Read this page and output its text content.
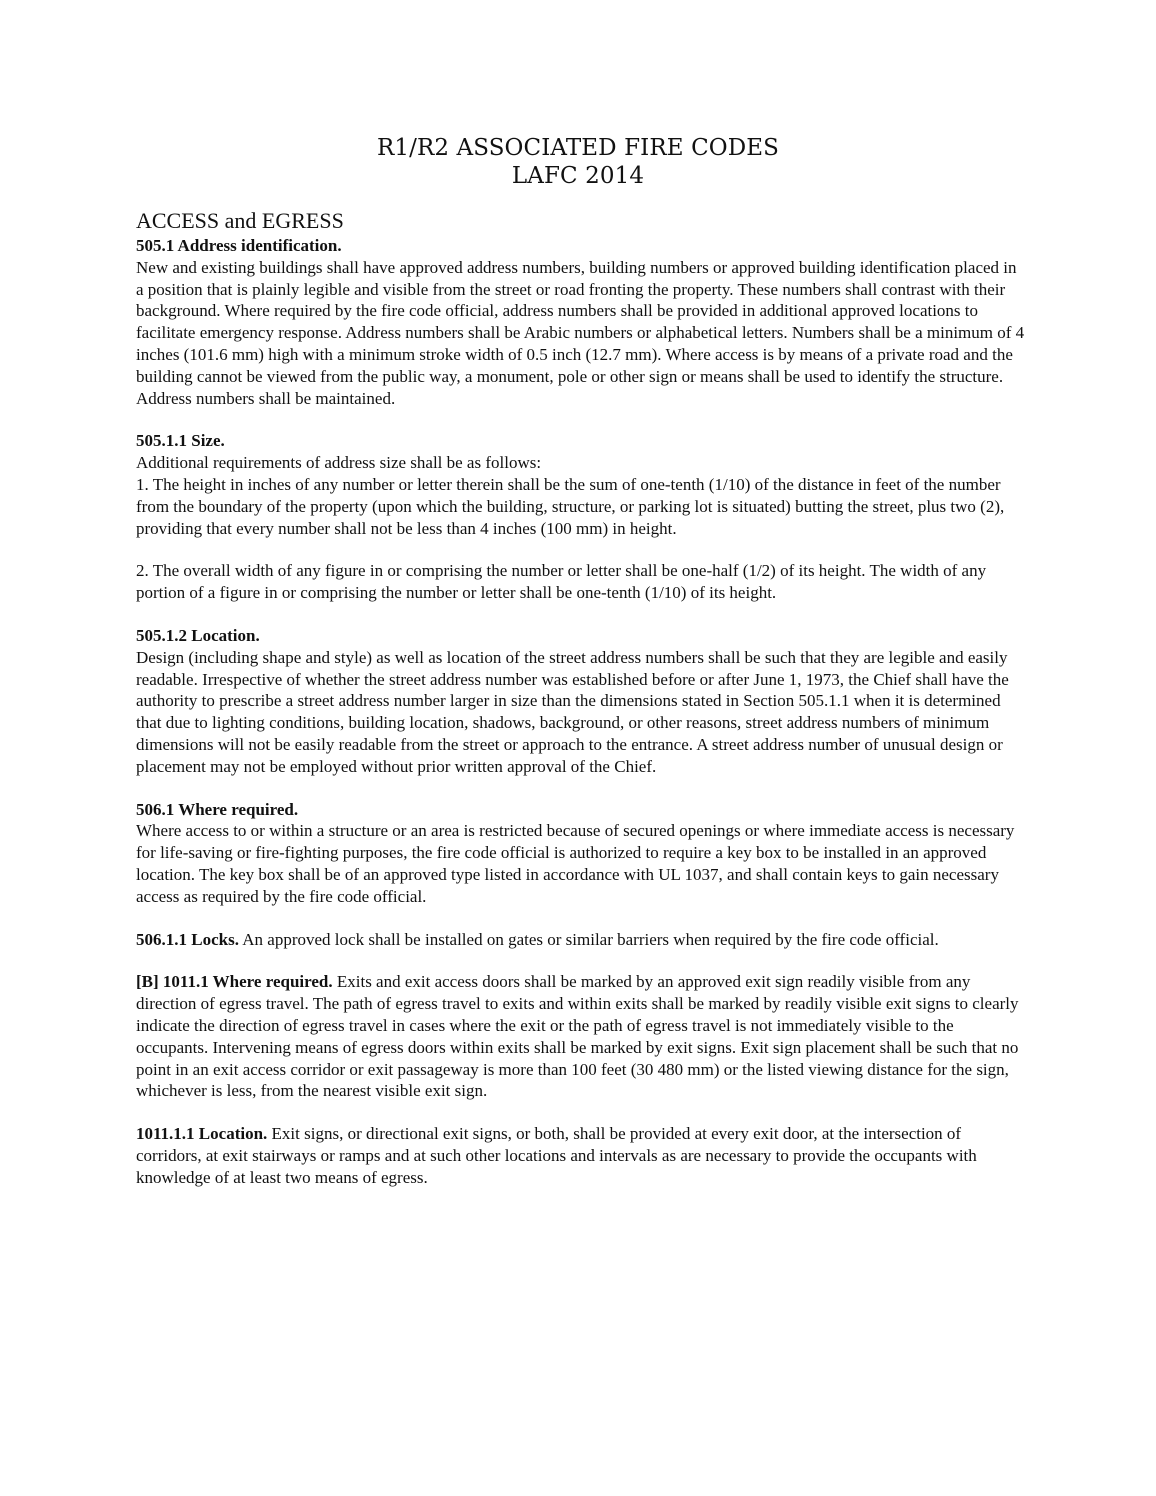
R1/R2 ASSOCIATED FIRE CODES
LAFC 2014
ACCESS and EGRESS
505.1 Address identification.
New and existing buildings shall have approved address numbers, building numbers or approved building identification placed in a position that is plainly legible and visible from the street or road fronting the property. These numbers shall contrast with their background. Where required by the fire code official, address numbers shall be provided in additional approved locations to facilitate emergency response. Address numbers shall be Arabic numbers or alphabetical letters. Numbers shall be a minimum of 4 inches (101.6 mm) high with a minimum stroke width of 0.5 inch (12.7 mm). Where access is by means of a private road and the building cannot be viewed from the public way, a monument, pole or other sign or means shall be used to identify the structure. Address numbers shall be maintained.
505.1.1 Size.
Additional requirements of address size shall be as follows:
1. The height in inches of any number or letter therein shall be the sum of one-tenth (1/10) of the distance in feet of the number from the boundary of the property (upon which the building, structure, or parking lot is situated) butting the street, plus two (2), providing that every number shall not be less than 4 inches (100 mm) in height.
2. The overall width of any figure in or comprising the number or letter shall be one-half (1/2) of its height. The width of any portion of a figure in or comprising the number or letter shall be one-tenth (1/10) of its height.
505.1.2 Location.
Design (including shape and style) as well as location of the street address numbers shall be such that they are legible and easily readable. Irrespective of whether the street address number was established before or after June 1, 1973, the Chief shall have the authority to prescribe a street address number larger in size than the dimensions stated in Section 505.1.1 when it is determined that due to lighting conditions, building location, shadows, background, or other reasons, street address numbers of minimum dimensions will not be easily readable from the street or approach to the entrance. A street address number of unusual design or placement may not be employed without prior written approval of the Chief.
506.1 Where required.
Where access to or within a structure or an area is restricted because of secured openings or where immediate access is necessary for life-saving or fire-fighting purposes, the fire code official is authorized to require a key box to be installed in an approved location. The key box shall be of an approved type listed in accordance with UL 1037, and shall contain keys to gain necessary access as required by the fire code official.
506.1.1 Locks. An approved lock shall be installed on gates or similar barriers when required by the fire code official.
[B] 1011.1 Where required. Exits and exit access doors shall be marked by an approved exit sign readily visible from any direction of egress travel. The path of egress travel to exits and within exits shall be marked by readily visible exit signs to clearly indicate the direction of egress travel in cases where the exit or the path of egress travel is not immediately visible to the occupants. Intervening means of egress doors within exits shall be marked by exit signs. Exit sign placement shall be such that no point in an exit access corridor or exit passageway is more than 100 feet (30 480 mm) or the listed viewing distance for the sign, whichever is less, from the nearest visible exit sign.
1011.1.1 Location. Exit signs, or directional exit signs, or both, shall be provided at every exit door, at the intersection of corridors, at exit stairways or ramps and at such other locations and intervals as are necessary to provide the occupants with knowledge of at least two means of egress.
